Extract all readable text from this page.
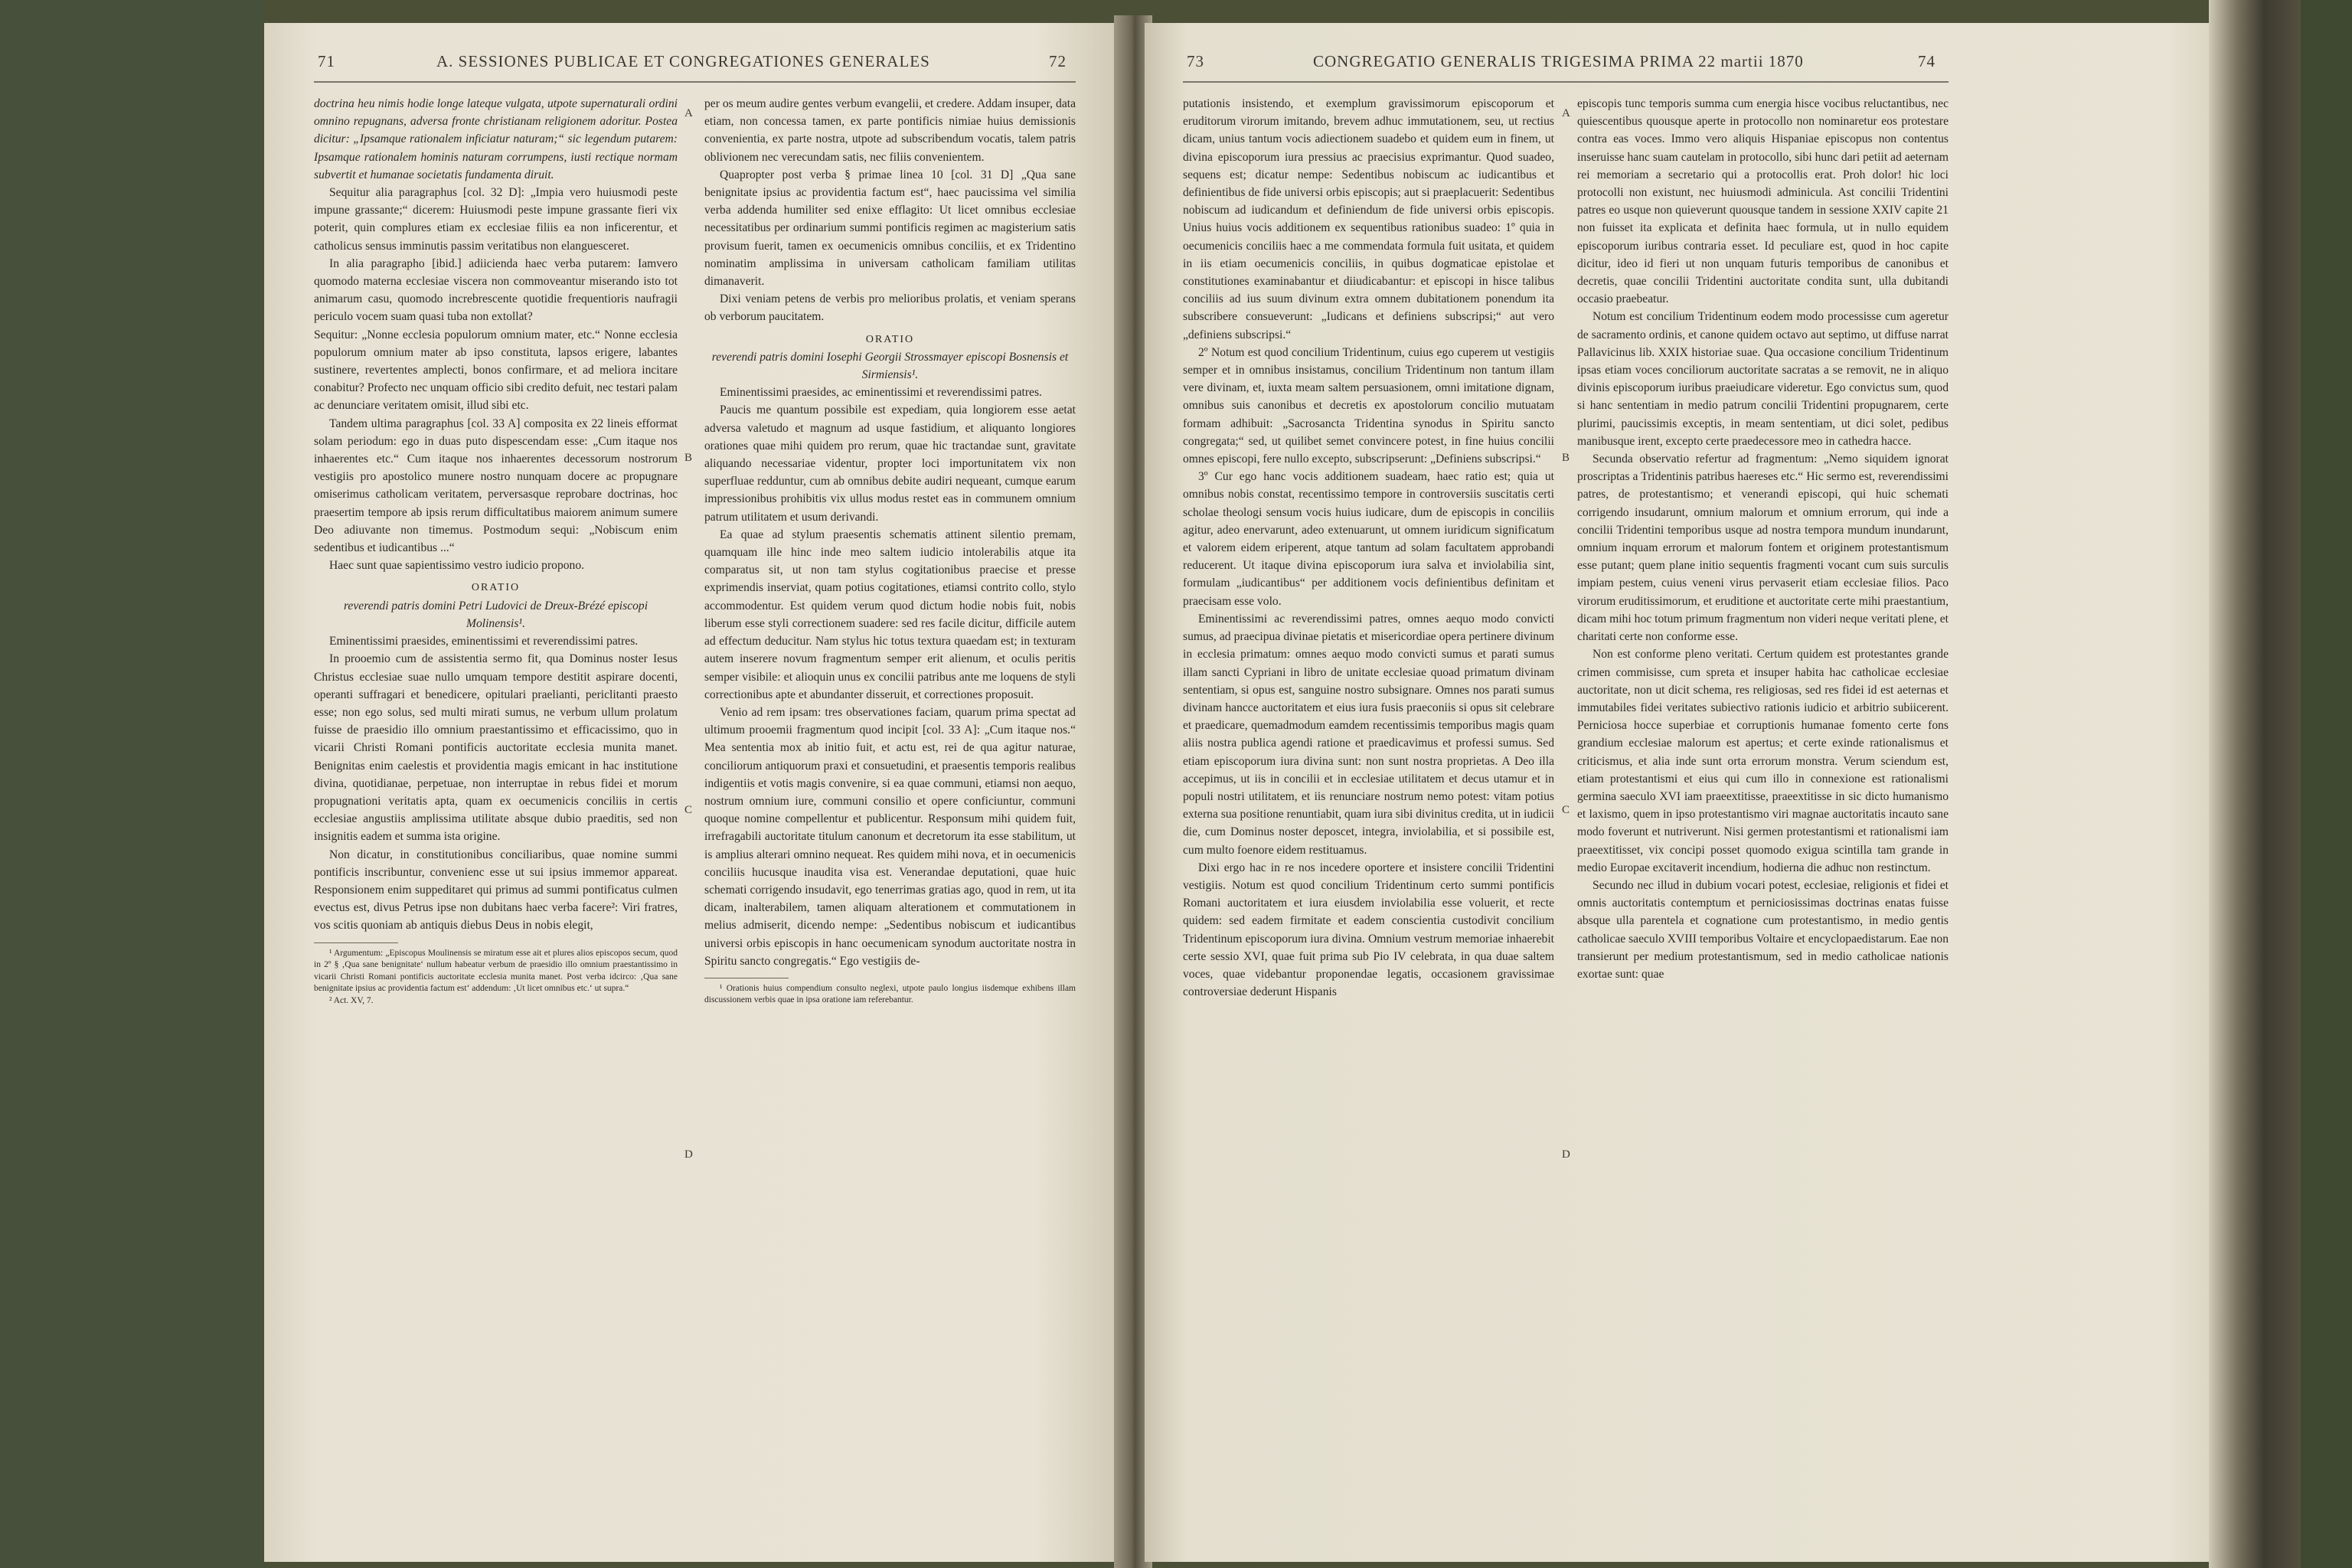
71	A. SESSIONES PUBLICAE ET CONGREGATIONES GENERALES	72

doctrina heu nimis hodie longe lateque vulgata, utpote supernaturali ordini omnino repugnans, adversa fronte christianam religionem adoritur. Postea dicitur: „Ipsamque rationalem inficiatur naturam;“ sic legendum putarem: Ipsamque rationalem hominis naturam corrumpens, iusti rectique normam subvertit et humanae societatis fundamenta diruit.

Sequitur alia paragraphus [col. 32 D]: „Impia vero huiusmodi peste impune grassante;“ dicerem: Huiusmodi peste impune grassante fieri vix poterit, quin complures etiam ex ecclesiae filiis ea non inficerentur, et catholicus sensus imminutis passim veritatibus non elanguesceret.

In alia paragrapho [ibid.] adiicienda haec verba putarem: Iamvero quomodo materna ecclesiae viscera non commoveantur miserando isto tot animarum casu, quomodo increbrescente quotidie frequentioris naufragii periculo vocem suam quasi tuba non extollat?

Sequitur: „Nonne ecclesia populorum omnium mater, etc.“ Nonne ecclesia populorum omnium mater ab ipso constituta, lapsos erigere, labantes sustinere, revertentes amplecti, bonos confirmare, et ad meliora incitare conabitur? Profecto nec unquam officio sibi credito defuit, nec testari palam ac denunciare veritatem omisit, illud sibi etc.

Tandem ultima paragraphus [col. 33 A] composita ex 22 lineis efformat solam periodum: ego in duas puto dispescendam esse: „Cum itaque nos inhaerentes etc.“ Cum itaque nos inhaerentes decessorum nostrorum vestigiis pro apostolico munere nostro nunquam docere ac propugnare omiserimus catholicam veritatem, perversasque reprobare doctrinas, hoc praesertim tempore ab ipsis rerum difficultatibus maiorem animum sumere Deo adiuvante non timemus. Postmodum sequi: „Nobiscum enim sedentibus et iudicantibus ...“

Haec sunt quae sapientissimo vestro iudicio propono.

ORATIO

reverendi patris domini Petri Ludovici de Dreux-Brézé episcopi Molinensis¹.

Eminentissimi praesides, eminentissimi et reverendissimi patres.

In prooemio cum de assistentia sermo fit, qua Dominus noster Iesus Christus ecclesiae suae nullo umquam tempore destitit aspirare docenti, operanti suffragari et benedicere, opitulari praelianti, periclitanti praesto esse; non ego solus, sed multi mirati sumus, ne verbum ullum prolatum fuisse de praesidio illo omnium praestantissimo et efficacissimo, quo in vicarii Christi Romani pontificis auctoritate ecclesia munita manet. Benignitas enim caelestis et providentia magis emicant in hac institutione divina, quotidianae, perpetuae, non interruptae in rebus fidei et morum propugnationi veritatis apta, quam ex oecumenicis conciliis in certis ecclesiae angustiis amplissima utilitate absque dubio praeditis, sed non insignitis eadem et summa ista origine.

Non dicatur, in constitutionibus conciliaribus, quae nomine summi pontificis inscribuntur, convenienс esse ut sui ipsius immemor appareat. Responsionem enim suppeditaret qui primus ad summi pontificatus culmen evectus est, divus Petrus ipse non dubitans haec verba facere²: Viri fratres, vos scitis quoniam ab antiquis diebus Deus in nobis elegit,

¹ Argumentum: „Episcopus Moulinensis se miratum esse ait et plures alios episcopos secum, quod in 2º § ‚Qua sane benignitate‘ nullum habeatur verbum de praesidio illo omnium praestantissimo in vicarii Christi Romani pontificis auctoritate ecclesia munita manet. Post verba idcirco: ‚Qua sane benignitate ipsius ac providentia factum est‘ addendum: ‚Ut licet omnibus etc.‘ ut supra.“

² Act. XV, 7.

per os meum audire gentes verbum evangelii, et credere. Addam insuper, data etiam, non concessa tamen, ex parte pontificis nimiae huius demissionis convenientia, ex parte nostra, utpote ad subscribendum vocatis, talem patris oblivionem nec verecundam satis, nec filiis convenientem.

Quapropter post verba § primae linea 10 [col. 31 D] „Qua sane benignitate ipsius ac providentia factum est“, haec paucissima vel similia verba addenda humiliter sed enixe efflagito: Ut licet omnibus ecclesiae necessitatibus per ordinarium summi pontificis regimen ac magisterium satis provisum fuerit, tamen ex oecumenicis omnibus conciliis, et ex Tridentino nominatim amplissima in universam catholicam familiam utilitas dimanaverit.

Dixi veniam petens de verbis pro melioribus prolatis, et veniam sperans ob verborum paucitatem.

ORATIO

reverendi patris domini Iosephi Georgii Strossmayer episcopi Bosnensis et Sirmiensis¹.

Eminentissimi praesides, ac eminentissimi et reverendissimi patres.

Paucis me quantum possibile est expediam, quia longiorem esse aetat adversa valetudo et magnum ad usque fastidium, et aliquanto longiores orationes quae mihi quidem pro rerum, quae hic tractandae sunt, gravitate aliquando necessariae videntur, propter loci importunitatem vix non superfluae redduntur, cum ab omnibus debite audiri nequeant, cumque earum impressionibus prohibitis vix ullus modus restet eas in communem omnium patrum utilitatem et usum derivandi.

Ea quae ad stylum praesentis schematis attinent silentio premam, quamquam ille hinc inde meo saltem iudicio intolerabilis atque ita comparatus sit, ut non tam stylus cogitationibus praecise et presse exprimendis inserviat, quam potius cogitationes, etiamsi contrito collo, stylo accommodentur. Est quidem verum quod dictum hodie nobis fuit, nobis liberum esse styli correctionem suadere: sed res facile dicitur, difficile autem ad effectum deducitur. Nam stylus hic totus textura quaedam est; in texturam autem inserere novum fragmentum semper erit alienum, et oculis peritis semper visibile: et alioquin unus ex concilii patribus ante me loquens de styli correctionibus apte et abundanter disseruit, et correctiones proposuit.

Venio ad rem ipsam: tres observationes faciam, quarum prima spectat ad ultimum prooemii fragmentum quod incipit [col. 33 A]: „Cum itaque nos.“ Mea sententia mox ab initio fuit, et actu est, rei de qua agitur naturae, conciliorum antiquorum praxi et consuetudini, et praesentis temporis realibus indigentiis et votis magis convenire, si ea quae communi, etiamsi non aequo, nostrum omnium iure, communi consilio et opere conficiuntur, communi quoque nomine compellentur et publicentur. Responsum mihi quidem fuit, irrefragabili auctoritate titulum canonum et decretorum ita esse stabilitum, ut is amplius alterari omnino nequeat. Res quidem mihi nova, et in oecumenicis conciliis hucusque inaudita visa est. Venerandae deputationi, quae huic schemati corrigendo insudavit, ego tenerrimas gratias ago, quod in rem, ut ita dicam, inalterabilem, tamen aliquam alterationem et commutationem in melius admiserit, dicendo nempe: „Sedentibus nobiscum et iudicantibus universi orbis episcopis in hanc oecumenicam synodum auctoritate nostra in Spiritu sancto congregatis.“ Ego vestigiis de-

¹ Orationis huius compendium consulto neglexi, utpote paulo longius iisdemque exhibens illam discussionem verbis quae in ipsa oratione iam referebantur.

A
B
C
D
73	CONGREGATIO GENERALIS TRIGESIMA PRIMA 22 martii 1870	74

putationis insistendo, et exemplum gravissimorum episcoporum et eruditorum virorum imitando, brevem adhuc immutationem, seu, ut rectius dicam, unius tantum vocis adiectionem suadebo et quidem eum in finem, ut divina episcoporum iura pressius ac praecisius exprimantur. Quod suadeo, sequens est; dicatur nempe: Sedentibus nobiscum ac iudicantibus et definientibus de fide universi orbis episcopis; aut si praeplacuerit: Sedentibus nobiscum ad iudicandum et definiendum de fide universi orbis episcopis. Unius huius vocis additionem ex sequentibus rationibus suadeo: 1º quia in oecumenicis conciliis haec a me commendata formula fuit usitata, et quidem in iis etiam oecumenicis conciliis, in quibus dogmaticae epistolae et constitutiones examinabantur et diiudicabantur: et episcopi in hisce talibus conciliis ad ius suum divinum extra omnem dubitationem ponendum ita subscribere consueverunt: „Iudicans et definiens subscripsi;“ aut vero „definiens subscripsi.“

2º Notum est quod concilium Tridentinum, cuius ego cuperem ut vestigiis semper et in omnibus insistamus, concilium Tridentinum non tantum illam vere divinam, et, iuxta meam saltem persuasionem, omni imitatione dignam, omnibus suis canonibus et decretis ex apostolorum concilio mutuatam formam adhibuit: „Sacrosancta Tridentina synodus in Spiritu sancto congregata;“ sed, ut quilibet semet convincere potest, in fine huius concilii omnes episcopi, fere nullo excepto, subscripserunt: „Definiens subscripsi.“

3º Cur ego hanc vocis additionem suadeam, haec ratio est; quia ut omnibus nobis constat, recentissimo tempore in controversiis suscitatis certi scholae theologi sensum vocis huius iudicare, dum de episcopis in conciliis agitur, adeo enervarunt, adeo extenuarunt, ut omnem iuridicum significatum et valorem eidem eriperent, atque tantum ad solam facultatem approbandi reducerent. Ut itaque divina episcoporum iura salva et inviolabilia sint, formulam „iudicantibus“ per additionem vocis definientibus definitam et praecisam esse volo.

Eminentissimi ac reverendissimi patres, omnes aequo modo convicti sumus, ad praecipua divinae pietatis et misericordiae opera pertinere divinum in ecclesia primatum: omnes aequo modo convicti sumus et parati sumus illam sancti Cypriani in libro de unitate ecclesiae quoad primatum divinam sententiam, si opus est, sanguine nostro subsignare. Omnes nos parati sumus divinam hancce auctoritatem et eius iura fusis praeconiis si opus sit celebrare et praedicare, quemadmodum eamdem recentissimis temporibus magis quam aliis nostra publica agendi ratione et praedicavimus et professi sumus. Sed etiam episcoporum iura divina sunt: non sunt nostra proprietas. A Deo illa accepimus, ut iis in concilii et in ecclesiae utilitatem et decus utamur et in populi nostri utilitatem, et iis renunciare nostrum nemo potest: vitam potius externa sua positione renuntiabit, quam iura sibi divinitus credita, ut in iudicii die, cum Dominus noster deposcet, integra, inviolabilia, et si possibile est, cum multo foenore eidem restituamus.

Dixi ergo hac in re nos incedere oportere et insistere concilii Tridentini vestigiis. Notum est quod concilium Tridentinum certo summi pontificis Romani auctoritatem et iura eiusdem inviolabilia esse voluerit, et recte quidem: sed eadem firmitate et eadem conscientia custodivit concilium Tridentinum episcoporum iura divina. Omnium vestrum memoriae inhaerebit certe sessio XVI, quae fuit prima sub Pio IV celebrata, in qua duae saltem voces, quae videbantur proponendae legatis, occasionem gravissimae controversiae dederunt Hispanis

episcopis tunc temporis summa cum energia hisce vocibus reluctantibus, nec quiescentibus quousque aperte in protocollo non nominaretur eos protestare contra eas voces. Immo vero aliquis Hispaniae episcopus non contentus inseruisse hanc suam cautelam in protocollo, sibi hunc dari petiit ad aeternam rei memoriam a secretario qui a protocollis erat. Proh dolor! hic loci protocolli non existunt, nec huiusmodi adminicula. Ast concilii Tridentini patres eo usque non quieverunt quousque tandem in sessione XXIV capite 21 non fuisset ita explicata et definita haec formula, ut in nullo equidem episcoporum iuribus contraria esset. Id peculiare est, quod in hoc capite dicitur, ideo id fieri ut non unquam futuris temporibus de canonibus et decretis, quae concilii Tridentini auctoritate condita sunt, ulla dubitandi occasio praebeatur.

Notum est concilium Tridentinum eodem modo processisse cum ageretur de sacramento ordinis, et canone quidem octavo aut septimo, ut diffuse narrat Pallavicinus lib. XXIX historiae suae. Qua occasione concilium Tridentinum ipsas etiam voces conciliorum auctoritate sacratas a se removit, ne in aliquo divinis episcoporum iuribus praeiudicare videretur. Ego convictus sum, quod si hanc sententiam in medio patrum concilii Tridentini propugnarem, certe plurimi, paucissimis exceptis, in meam sententiam, ut dici solet, pedibus manibusque irent, excepto certe praedecessore meo in cathedra hacce.

Secunda observatio refertur ad fragmentum: „Nemo siquidem ignorat proscriptas a Tridentinis patribus haereses etc.“ Hic sermo est, reverendissimi patres, de protestantismo; et venerandi episcopi, qui huic schemati corrigendo insudarunt, omnium malorum et omnium errorum, qui inde a concilii Tridentini temporibus usque ad nostra tempora mundum inundarunt, omnium inquam errorum et malorum fontem et originem protestantismum esse putant; quem plane initio sequentis fragmenti vocant cum suis surculis impiam pestem, cuius veneni virus pervaserit etiam ecclesiae filios. Paco virorum eruditissimorum, et eruditione et auctoritate certe mihi praestantium, dicam mihi hoc totum primum fragmentum non videri neque veritati plene, et charitati certe non conforme esse.

Non est conforme pleno veritati. Certum quidem est protestantes grande crimen commisisse, cum spreta et insuper habita hac catholicae ecclesiae auctoritate, non ut dicit schema, res religiosas, sed res fidei id est aeternas et immutabiles fidei veritates subiectivo rationis iudicio et arbitrio subiicerent. Perniciosa hocce superbiae et corruptionis humanae fomento certe fons grandium ecclesiae malorum est apertus; et certe exinde rationalismus et criticismus, et alia inde sunt orta errorum monstra. Verum sciendum est, etiam protestantismi et eius qui cum illo in connexione est rationalismi germina saeculo XVI iam praeextitisse, praeextitisse in sic dicto humanismo et laxismo, quem in ipso protestantismo viri magnae auctoritatis incauto sane modo foverunt et nutriverunt. Nisi germen protestantismi et rationalismi iam praeextitisset, vix concipi posset quomodo exigua scintilla tam grande in medio Europae excitaverit incendium, hodierna die adhuc non restinctum.

Secundo nec illud in dubium vocari potest, ecclesiae, religionis et fidei et omnis auctoritatis contemptum et perniciosissimas doctrinas enatas fuisse absque ulla parentela et cognatione cum protestantismo, in medio gentis catholicae saeculo XVIII temporibus Voltaire et encyclopaedistarum. Eae non transierunt per medium protestantismum, sed in medio catholicae nationis exortae sunt: quae

A
B
C
D
